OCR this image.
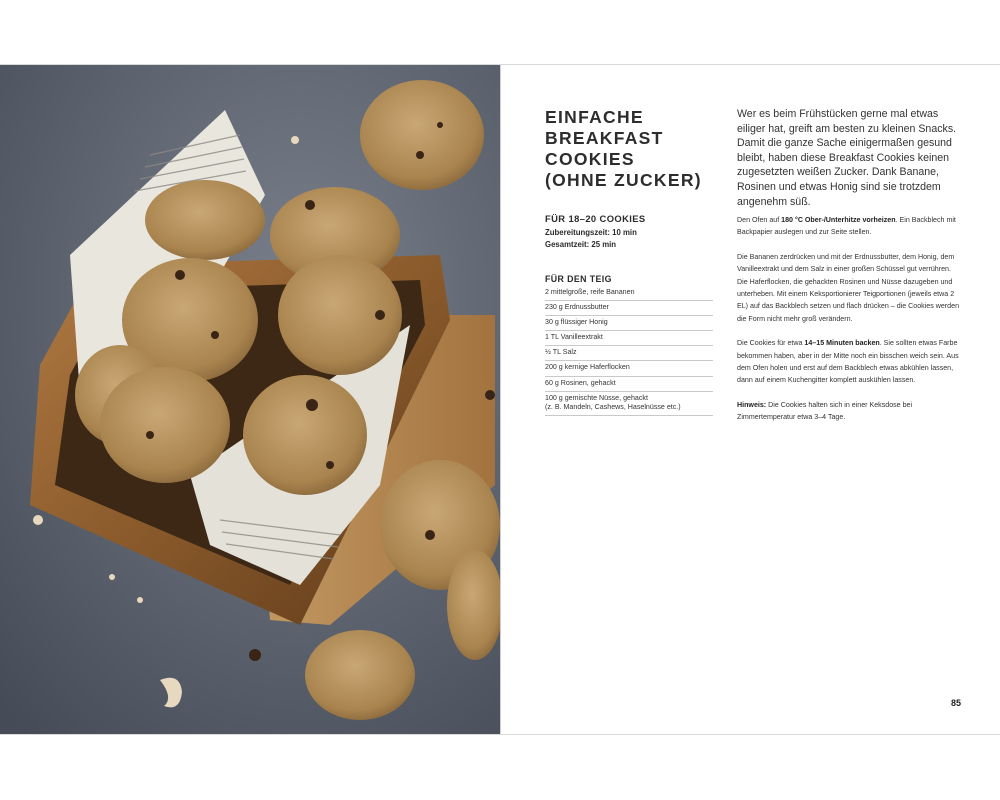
EINFACHE
BREAKFAST
COOKIES
(OHNE ZUCKER)
Wer es beim Frühstücken gerne mal etwas eiliger hat, greift am besten zu kleinen Snacks. Damit die ganze Sache einigermaßen gesund bleibt, haben diese Breakfast Cookies keinen zugesetzten weißen Zucker. Dank Banane, Rosinen und etwas Honig sind sie trotzdem angenehm süß.
FÜR 18–20 COOKIES
Zubereitungszeit: 10 min
Gesamtzeit: 25 min
FÜR DEN TEIG
2 mittelgroße, reife Bananen
230 g Erdnussbutter
30 g flüssiger Honig
1 TL Vanilleextrakt
½ TL Salz
200 g kernige Haferflocken
60 g Rosinen, gehackt
100 g gemischte Nüsse, gehackt
(z. B. Mandeln, Cashews, Haselnüsse etc.)

Den Ofen auf 180 °C Ober-/Unterhitze vorheizen. Ein Backblech mit Backpapier auslegen und zur Seite stellen.

Die Bananen zerdrücken und mit der Erdnussbutter, dem Honig, dem Vanilleextrakt und dem Salz in einer großen Schüssel gut verrühren. Die Haferflocken, die gehackten Rosinen und Nüsse dazugeben und unterheben. Mit einem Keksportionierer Teigportionen (jeweils etwa 2 EL) auf das Backblech setzen und flach drücken – die Cookies werden die Form nicht mehr groß verändern.

Die Cookies für etwa 14–15 Minuten backen. Sie sollten etwas Farbe bekommen haben, aber in der Mitte noch ein bisschen weich sein. Aus dem Ofen holen und erst auf dem Backblech etwas abkühlen lassen, dann auf einem Kuchengitter komplett auskühlen lassen.

Hinweis: Die Cookies halten sich in einer Keksdose bei Zimmertemperatur etwa 3–4 Tage.

85
